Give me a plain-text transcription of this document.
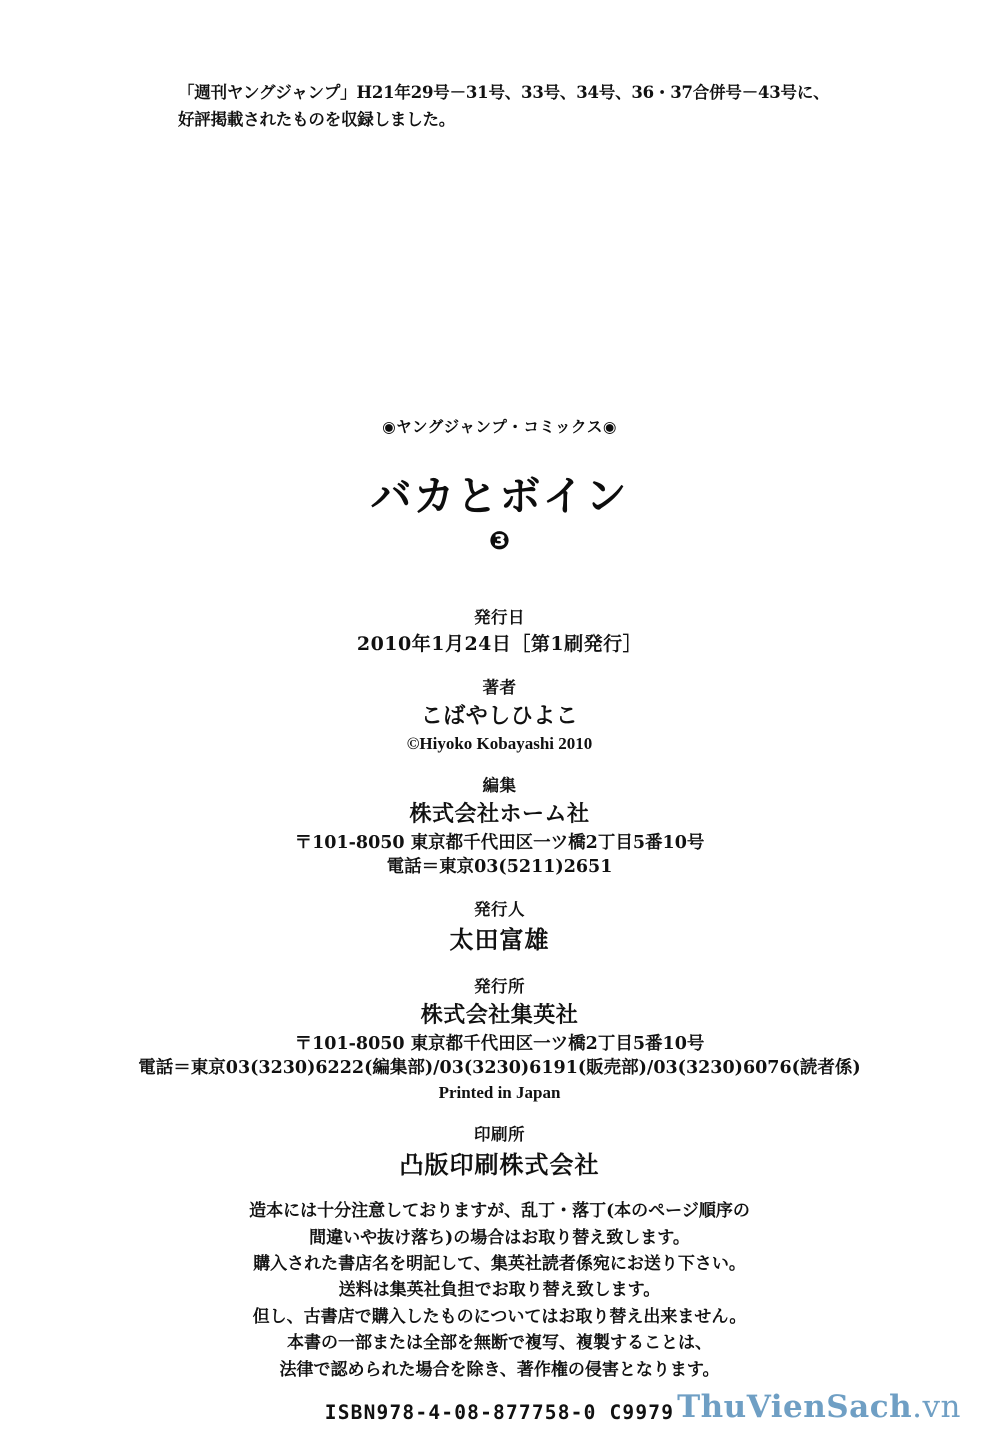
「週刊ヤングジャンプ」H21年29号－31号、33号、34号、36・37合併号－43号に、
好評掲載されたものを収録しました。
◉ヤングジャンプ・コミックス◉
バカとボイン
❸
発行日
2010年1月24日［第1刷発行］
著者
こばやしひよこ
©Hiyoko Kobayashi 2010
編集
株式会社ホーム社
〒101-8050 東京都千代田区一ツ橋2丁目5番10号
電話＝東京03(5211)2651
発行人
太田富雄
発行所
株式会社集英社
〒101-8050 東京都千代田区一ツ橋2丁目5番10号
電話＝東京03(3230)6222(編集部)/03(3230)6191(販売部)/03(3230)6076(読者係)
Printed in Japan
印刷所
凸版印刷株式会社
造本には十分注意しておりますが、乱丁・落丁(本のページ順序の
間違いや抜け落ち)の場合はお取り替え致します。
購入された書店名を明記して、集英社読者係宛にお送り下さい。
送料は集英社負担でお取り替え致します。
但し、古書店で購入したものについてはお取り替え出来ません。
本書の一部または全部を無断で複写、複製することは、
法律で認められた場合を除き、著作権の侵害となります。
ISBN978-4-08-877758-0 C9979 ThuVienSach.vn
